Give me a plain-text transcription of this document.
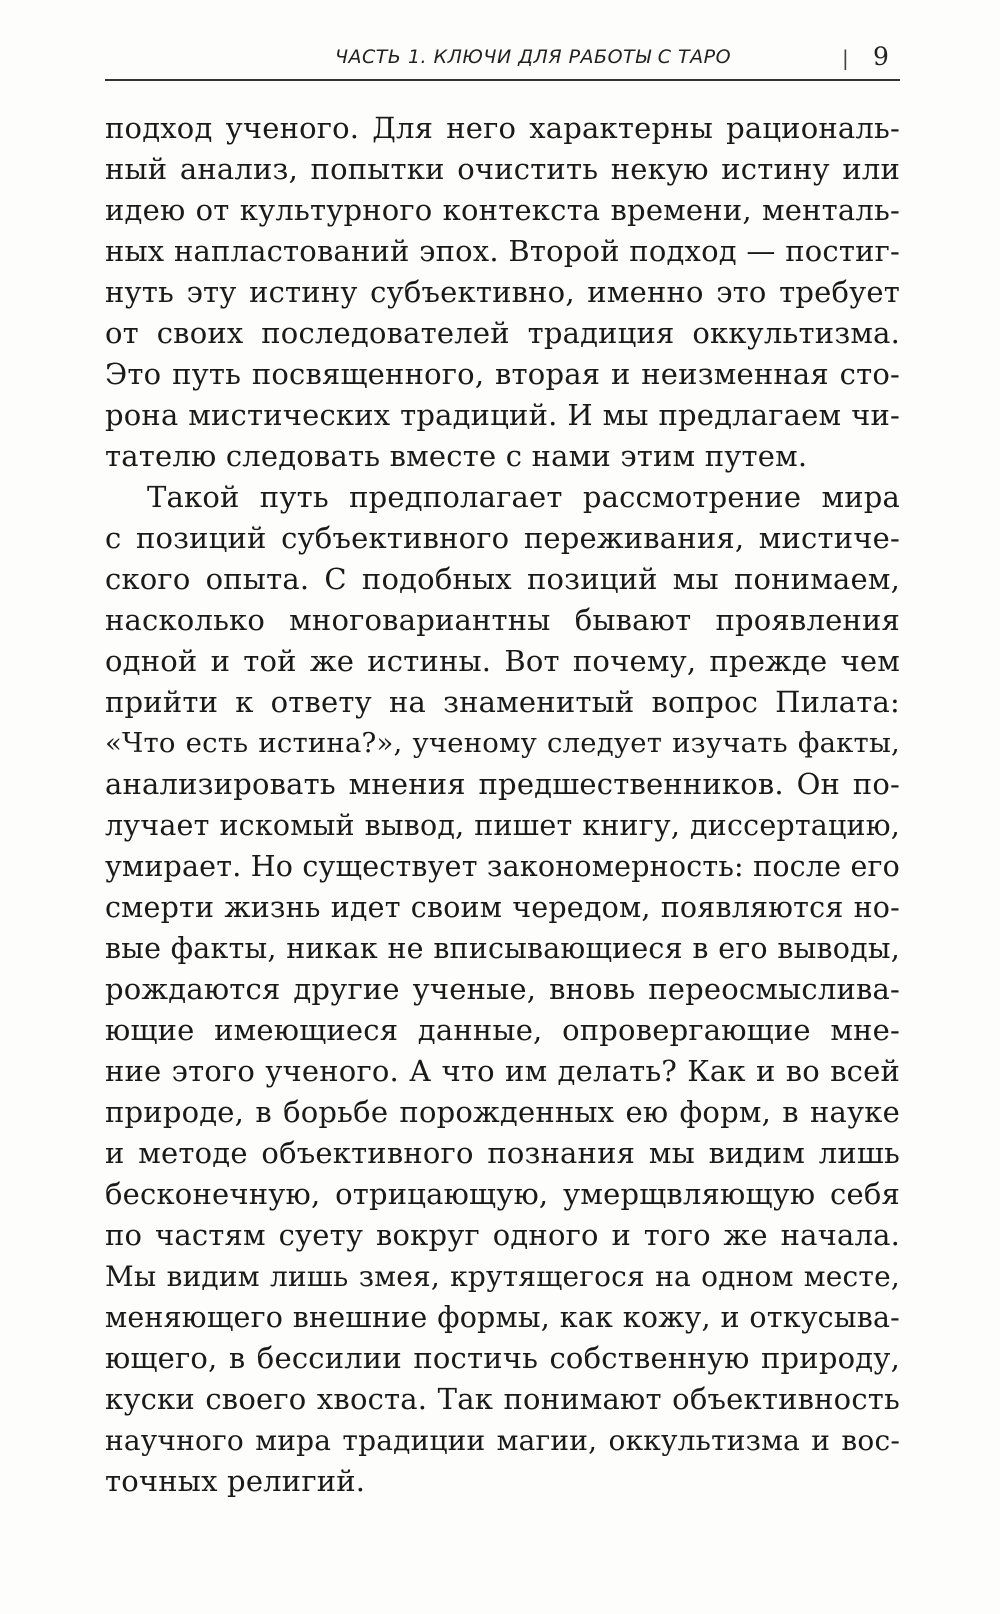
ЧАСТЬ 1. КЛЮЧИ ДЛЯ РАБОТЫ С ТАРО	| 9
подход ученого. Для него характерны рациональ-
ный анализ, попытки очистить некую истину или
идею от культурного контекста времени, менталь-
ных напластований эпох. Второй подход — постиг-
нуть эту истину субъективно, именно это требует
от своих последователей традиция оккультизма.
Это путь посвященного, вторая и неизменная сто-
рона мистических традиций. И мы предлагаем чи-
тателю следовать вместе с нами этим путем.
Такой путь предполагает рассмотрение мира
с позиций субъективного переживания, мистиче-
ского опыта. С подобных позиций мы понимаем,
насколько многовариантны бывают проявления
одной и той же истины. Вот почему, прежде чем
прийти к ответу на знаменитый вопрос Пилата:
«Что есть истина?», ученому следует изучать факты,
анализировать мнения предшественников. Он по-
лучает искомый вывод, пишет книгу, диссертацию,
умирает. Но существует закономерность: после его
смерти жизнь идет своим чередом, появляются но-
вые факты, никак не вписывающиеся в его выводы,
рождаются другие ученые, вновь переосмыслива-
ющие имеющиеся данные, опровергающие мне-
ние этого ученого. А что им делать? Как и во всей
природе, в борьбе порожденных ею форм, в науке
и методе объективного познания мы видим лишь
бесконечную, отрицающую, умерщвляющую себя
по частям суету вокруг одного и того же начала.
Мы видим лишь змея, крутящегося на одном месте,
меняющего внешние формы, как кожу, и откусыва-
ющего, в бессилии постичь собственную природу,
куски своего хвоста. Так понимают объективность
научного мира традиции магии, оккультизма и вос-
точных религий.
